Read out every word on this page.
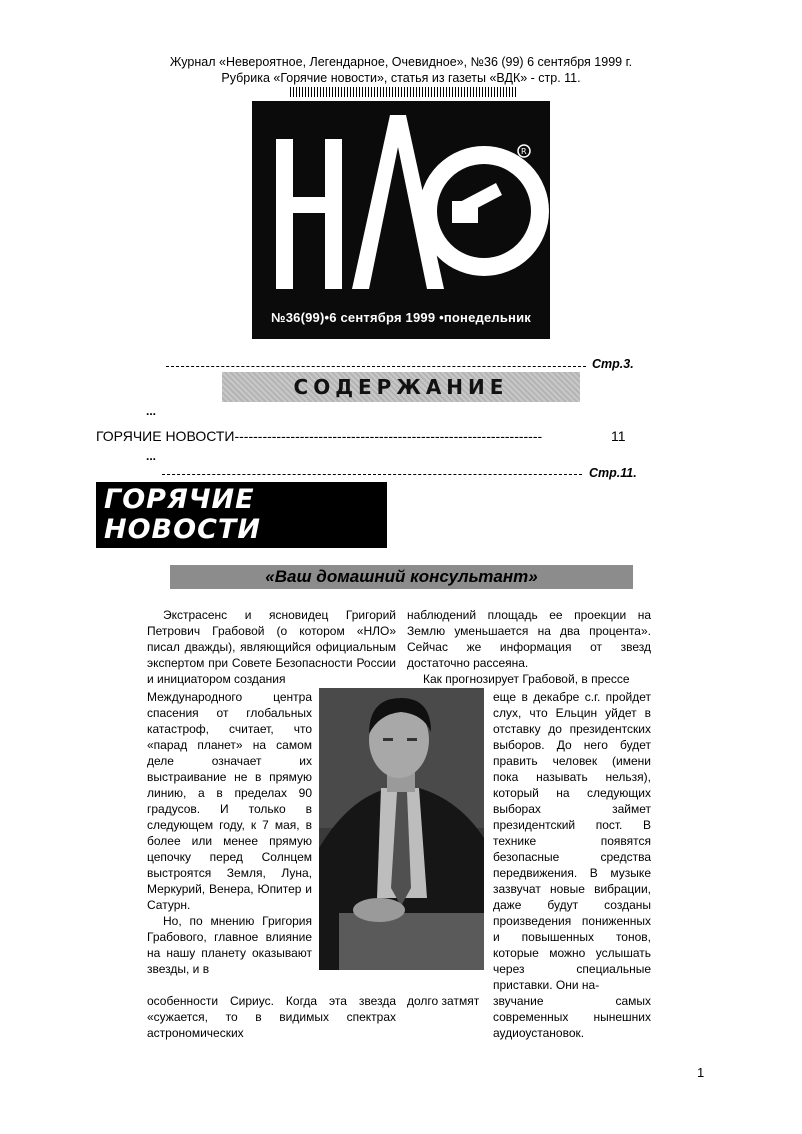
Журнал «Невероятное, Легендарное, Очевидное», №36 (99) 6 сентября 1999 г.
Рубрика «Горячие новости», статья из газеты «ВДК» - стр. 11.
R
№36(99)•6 сентября 1999 •понедельник
Стр.3.
СОДЕРЖАНИЕ
...
ГОРЯЧИЕ НОВОСТИ------------------------------------------------------------------	11
...
Стр.11.
ГОРЯЧИЕ
НОВОСТИ
«Ваш домашний консультант»
Экстрасенс и ясновидец Григорий Петрович Грабовой (о котором «НЛО» писал дважды), являющийся официальным экспертом при Совете Безопасности России и инициатором создания

Международного центра спасения от глобальных катастроф, считает, что «парад планет» на самом деле означает их выстраивание не в прямую линию, а в пределах 90 градусов. И только в следующем году, к 7 мая, в более или менее прямую цепочку перед Солнцем выстроятся Земля, Луна, Меркурий, Венера, Юпитер и Сатурн.

Но, по мнению Григория Грабового, главное влияние на нашу планету оказывают звезды, и в

особенности Сириус. Когда эта звезда «сужается, то в видимых спектрах астрономических

наблюдений площадь ее проекции на Землю уменьшается на два процента». Сейчас же информация от звезд достаточно рассеяна.

Как прогнозирует Грабовой, в прессе

еще в декабре с.г. пройдет слух, что Ельцин уйдет в отставку до президентских выборов. До него будет править человек (имени пока называть нельзя), который на следующих выборах займет президентский пост. В технике появятся безопасные средства передвижения. В музыке зазвучат новые вибрации, даже будут созданы произведения пониженных и повышенных тонов, которые можно услышать через специальные приставки. Они на-
долго затмят	звучание самых современных нынешних аудиоустановок.
1
